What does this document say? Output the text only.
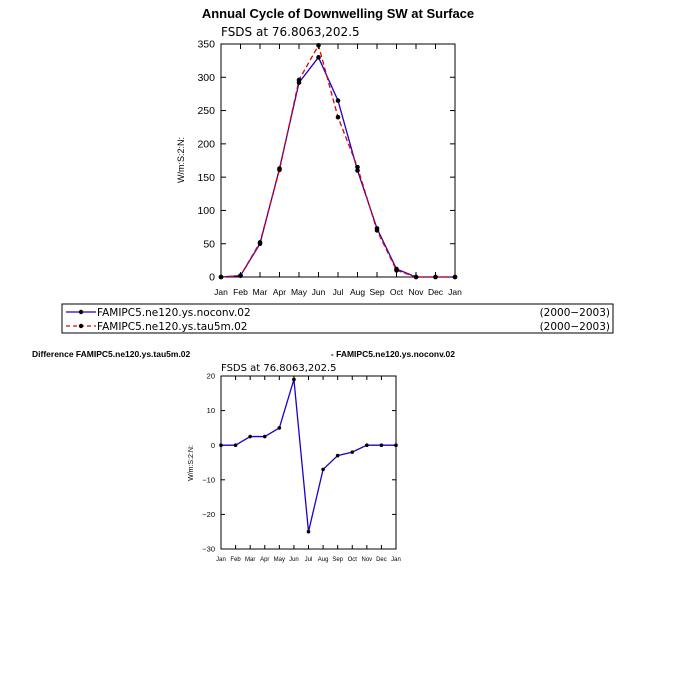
Annual Cycle of Downwelling SW at Surface
FSDS at 76.8063,202.5
W/m:S:2:N:
Jan Feb Mar Apr May Jun Jul Aug Sep Oct Nov Dec Jan
0
50
100
150
200
250
300
350
FAMIPC5.ne120.ys.noconv.02	(2000−2003)
FAMIPC5.ne120.ys.tau5m.02	(2000−2003)
Difference FAMIPC5.ne120.ys.tau5m.02	- FAMIPC5.ne120.ys.noconv.02
FSDS at 76.8063,202.5
W/m:S:2:N:
Jan Feb Mar Apr May Jun Jul Aug Sep Oct Nov Dec Jan
−30
−20
−10
0
10
20
